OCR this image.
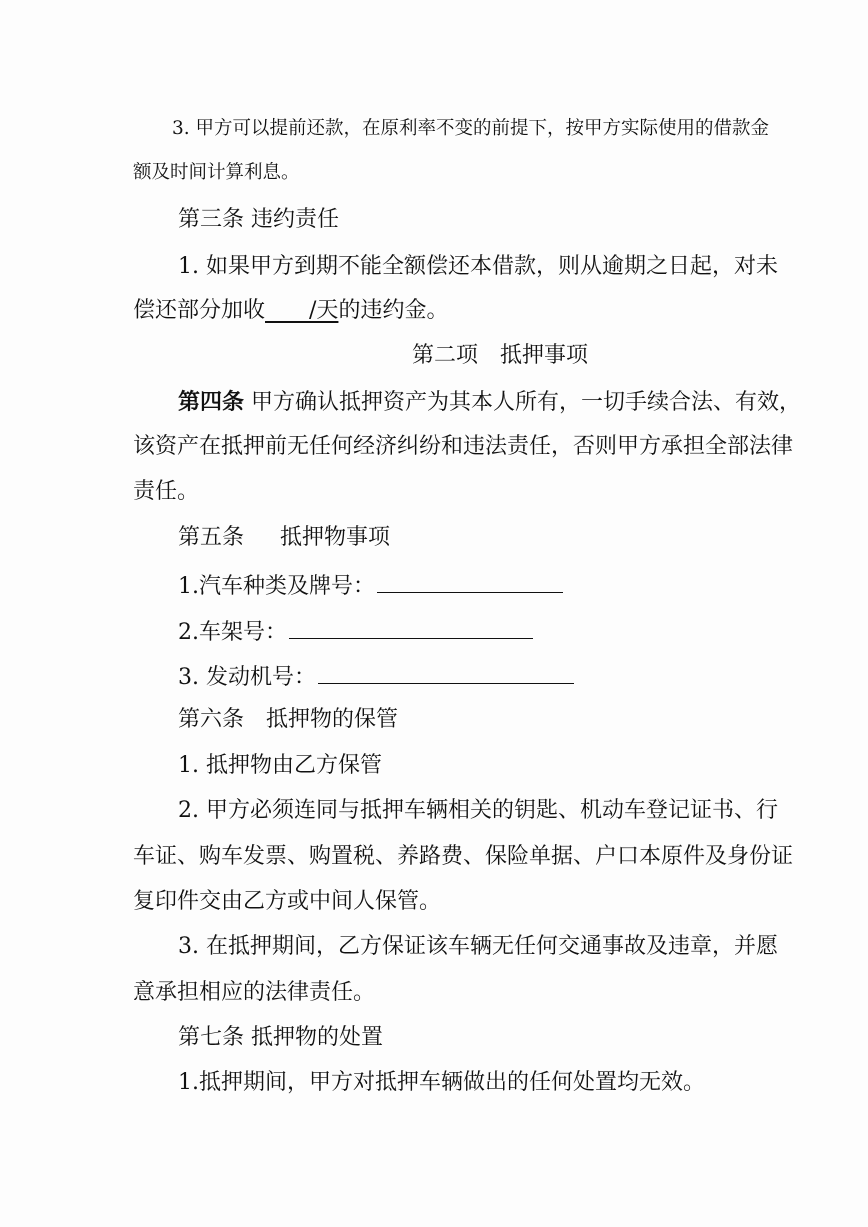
3. 甲方可以提前还款，在原利率不变的前提下，按甲方实际使用的借款金
额及时间计算利息。
第三条 违约责任
1. 如果甲方到期不能全额偿还本借款，则从逾期之日起，对未
偿还部分加收____/天的违约金。
第二项 抵押事项
第四条 甲方确认抵押资产为其本人所有，一切手续合法、有效，
该资产在抵押前无任何经济纠纷和违法责任，否则甲方承担全部法律
责任。
第五条 抵押物事项
1.汽车种类及牌号：
2.车架号：
3. 发动机号：
第六条 抵押物的保管
1. 抵押物由乙方保管
2. 甲方必须连同与抵押车辆相关的钥匙、机动车登记证书、行
车证、购车发票、购置税、养路费、保险单据、户口本原件及身份证
复印件交由乙方或中间人保管。
3. 在抵押期间，乙方保证该车辆无任何交通事故及违章，并愿
意承担相应的法律责任。
第七条 抵押物的处置
1.抵押期间，甲方对抵押车辆做出的任何处置均无效。
